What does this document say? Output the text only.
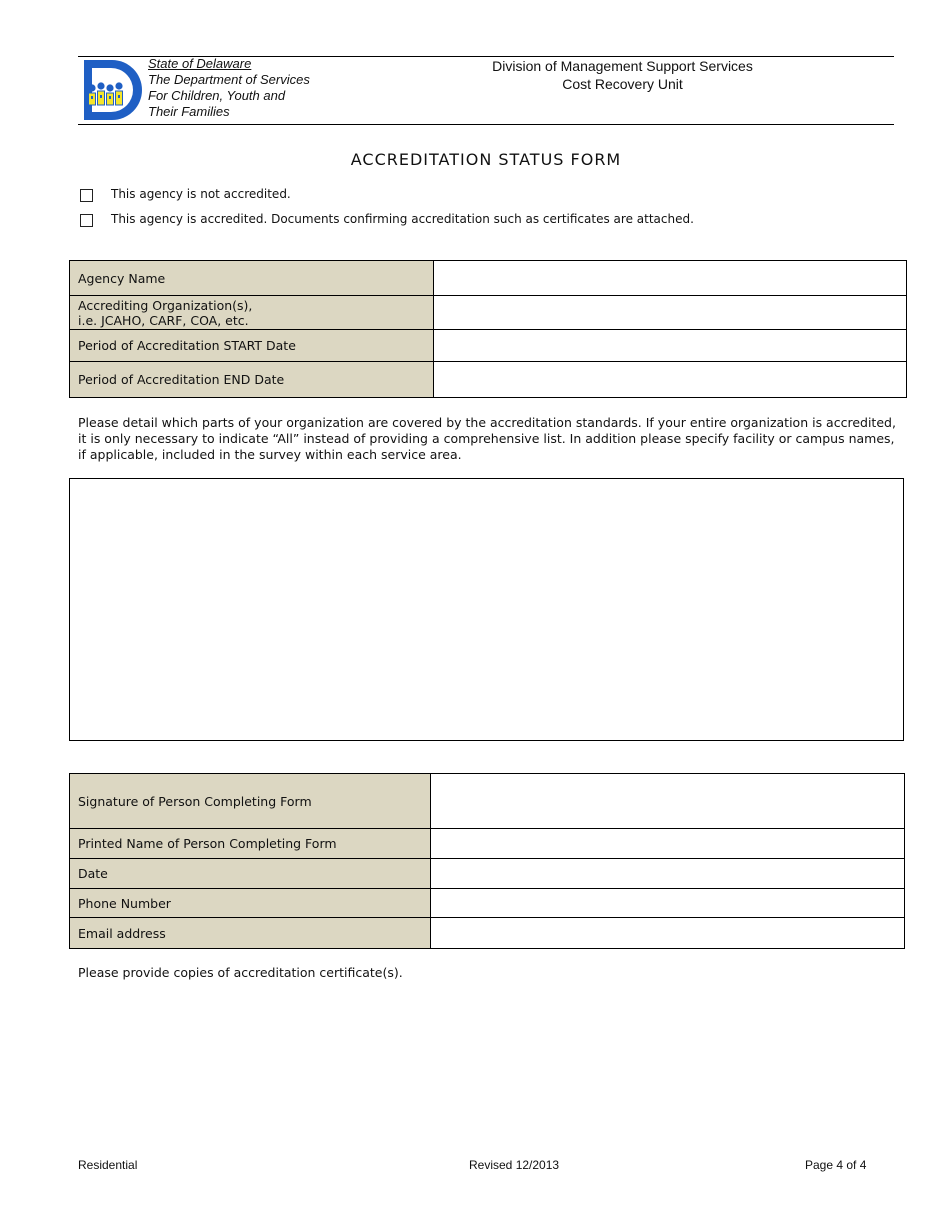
State of Delaware
The Department of Services
For Children, Youth and
Their Families
Division of Management Support Services
Cost Recovery Unit
ACCREDITATION STATUS FORM
This agency is not accredited.
This agency is accredited. Documents confirming accreditation such as certificates are attached.
Agency Name	

Accrediting Organization(s),
i.e. JCAHO, CARF, COA, etc.	

Period of Accreditation START Date	
Period of Accreditation END Date	
Please detail which parts of your organization are covered by the accreditation standards. If your entire organization is accredited, it is only necessary to indicate “All” instead of providing a comprehensive list. In addition please specify facility or campus names, if applicable, included in the survey within each service area.
Signature of Person Completing Form	
Printed Name of Person Completing Form	
Date	
Phone Number	
Email address	
Please provide copies of accreditation certificate(s).
Residential	Revised 12/2013	Page 4 of 4
